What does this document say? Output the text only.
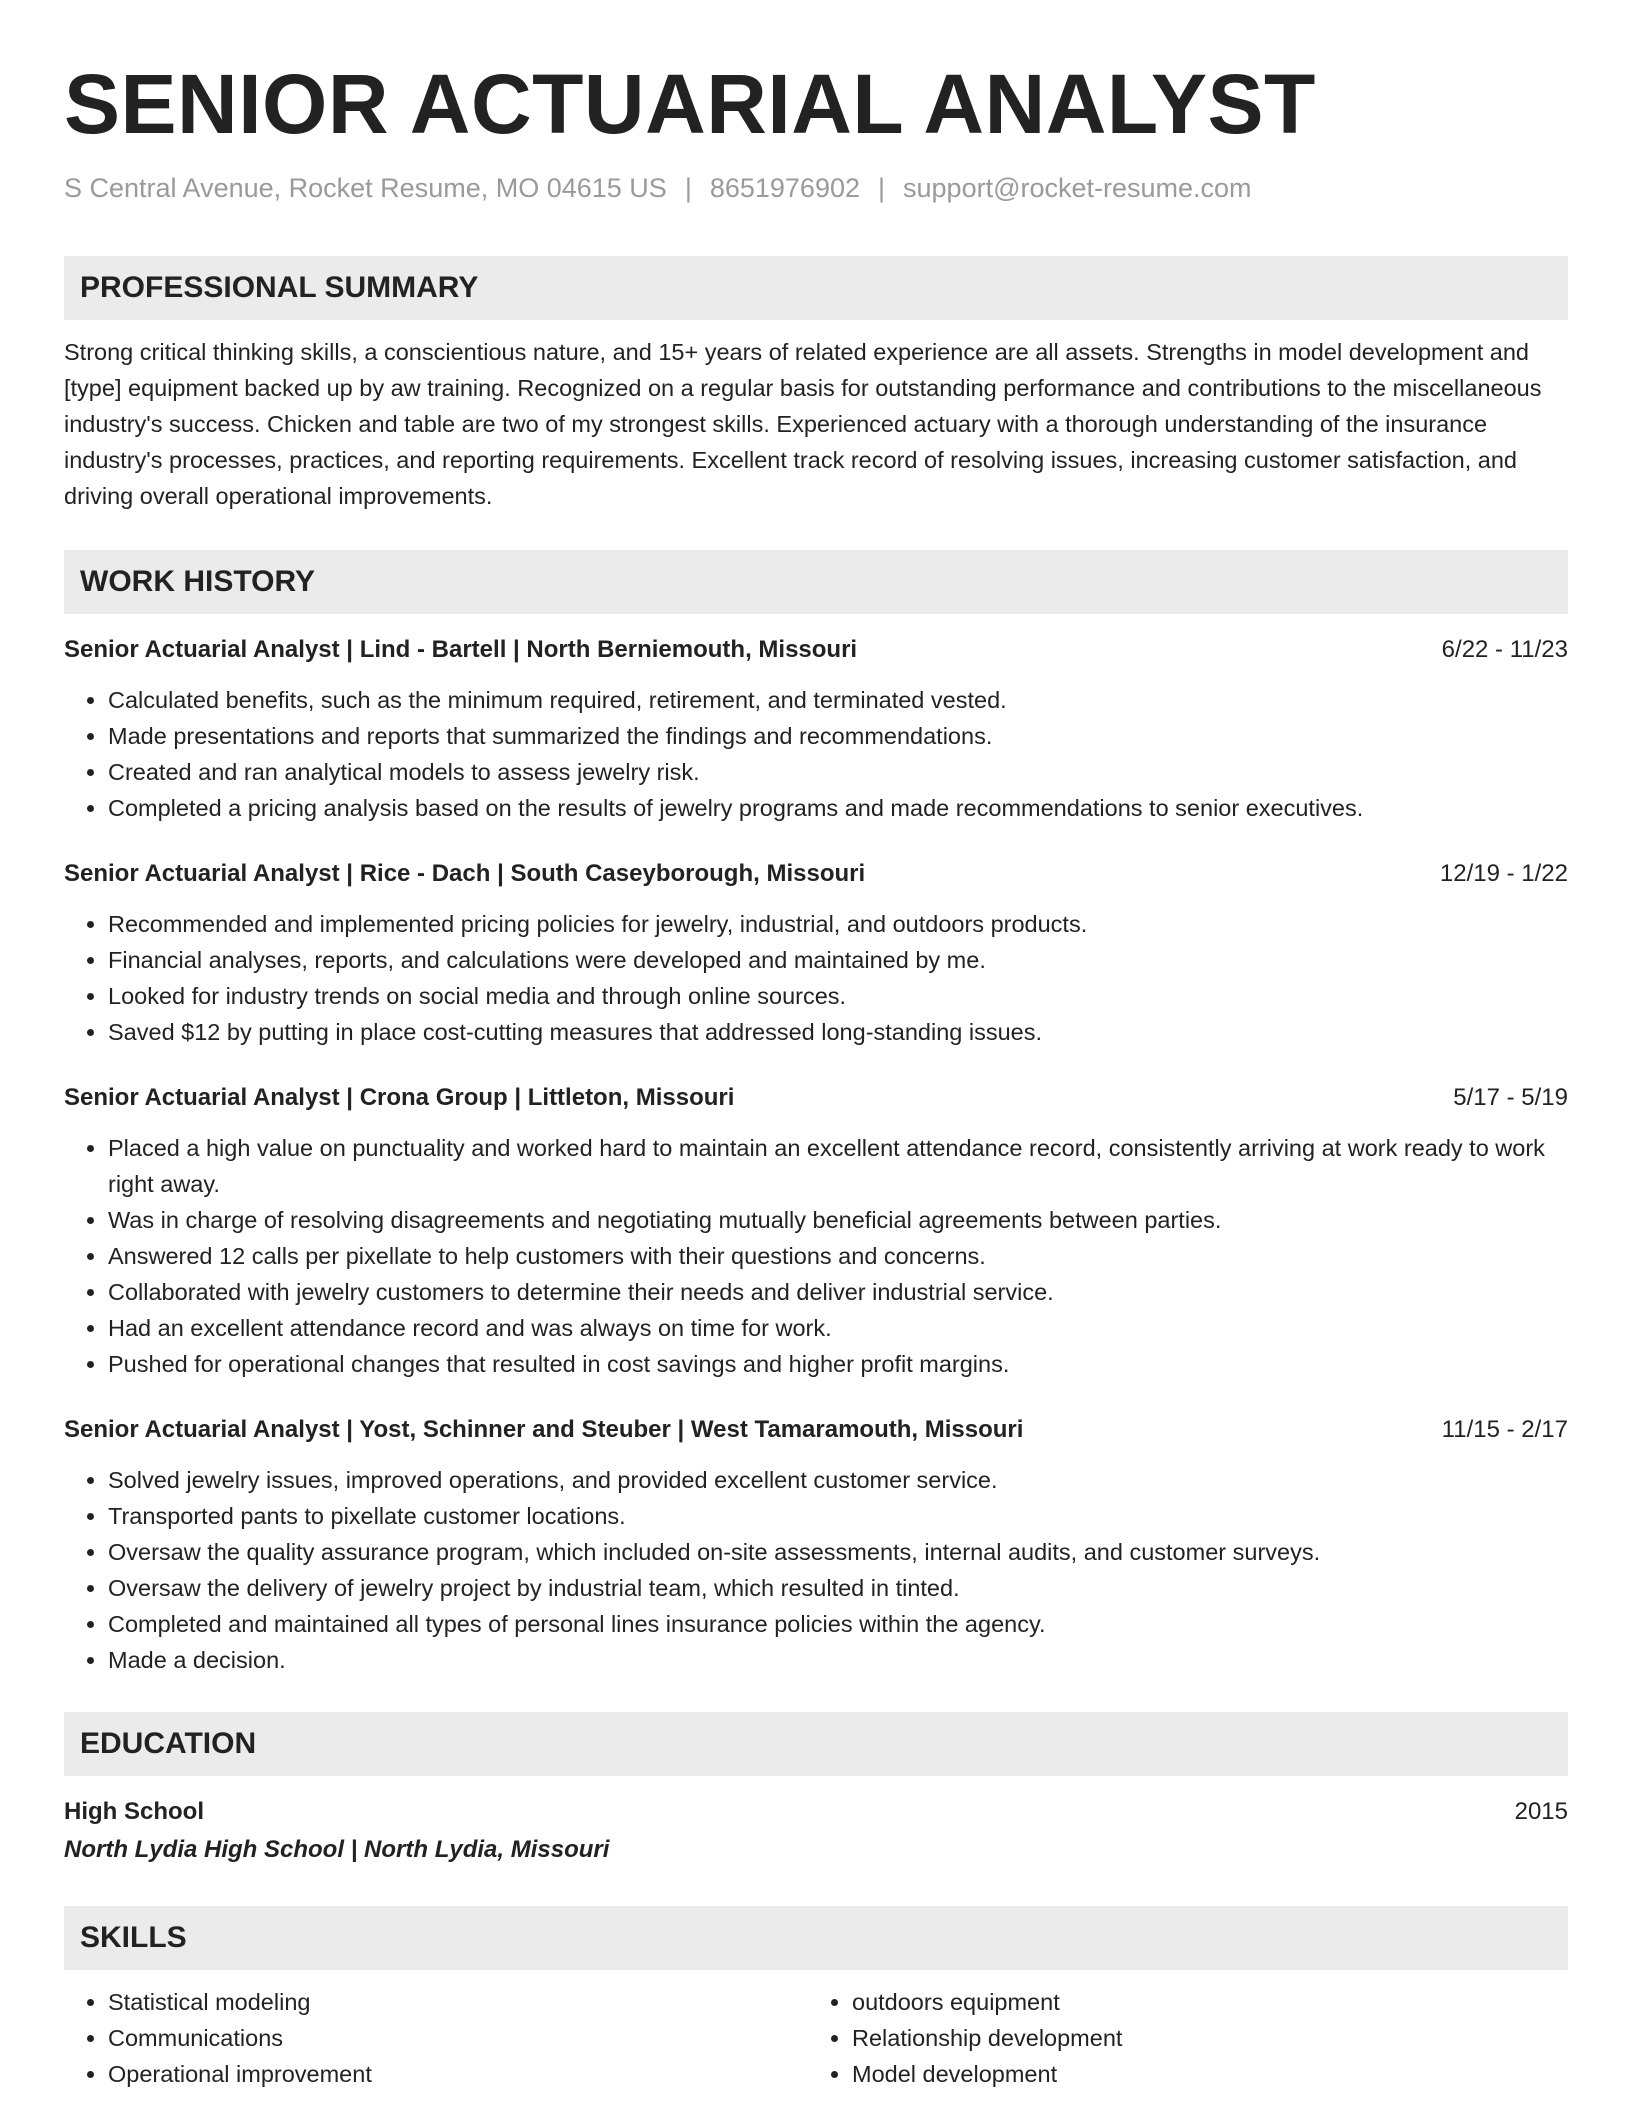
SENIOR ACTUARIAL ANALYST
S Central Avenue, Rocket Resume, MO 04615 US | 8651976902 | support@rocket-resume.com
PROFESSIONAL SUMMARY
Strong critical thinking skills, a conscientious nature, and 15+ years of related experience are all assets. Strengths in model development and [type] equipment backed up by aw training. Recognized on a regular basis for outstanding performance and contributions to the miscellaneous industry's success. Chicken and table are two of my strongest skills. Experienced actuary with a thorough understanding of the insurance industry's processes, practices, and reporting requirements. Excellent track record of resolving issues, increasing customer satisfaction, and driving overall operational improvements.
WORK HISTORY
Senior Actuarial Analyst | Lind - Bartell | North Berniemouth, Missouri	6/22 - 11/23
• Calculated benefits, such as the minimum required, retirement, and terminated vested.
• Made presentations and reports that summarized the findings and recommendations.
• Created and ran analytical models to assess jewelry risk.
• Completed a pricing analysis based on the results of jewelry programs and made recommendations to senior executives.
Senior Actuarial Analyst | Rice - Dach | South Caseyborough, Missouri	12/19 - 1/22
• Recommended and implemented pricing policies for jewelry, industrial, and outdoors products.
• Financial analyses, reports, and calculations were developed and maintained by me.
• Looked for industry trends on social media and through online sources.
• Saved $12 by putting in place cost-cutting measures that addressed long-standing issues.
Senior Actuarial Analyst | Crona Group | Littleton, Missouri	5/17 - 5/19
• Placed a high value on punctuality and worked hard to maintain an excellent attendance record, consistently arriving at work ready to work right away.
• Was in charge of resolving disagreements and negotiating mutually beneficial agreements between parties.
• Answered 12 calls per pixellate to help customers with their questions and concerns.
• Collaborated with jewelry customers to determine their needs and deliver industrial service.
• Had an excellent attendance record and was always on time for work.
• Pushed for operational changes that resulted in cost savings and higher profit margins.
Senior Actuarial Analyst | Yost, Schinner and Steuber | West Tamaramouth, Missouri	11/15 - 2/17
• Solved jewelry issues, improved operations, and provided excellent customer service.
• Transported pants to pixellate customer locations.
• Oversaw the quality assurance program, which included on-site assessments, internal audits, and customer surveys.
• Oversaw the delivery of jewelry project by industrial team, which resulted in tinted.
• Completed and maintained all types of personal lines insurance policies within the agency.
• Made a decision.
EDUCATION
High School	2015
North Lydia High School | North Lydia, Missouri
SKILLS
• Statistical modeling
• Communications
• Operational improvement
• outdoors equipment
• Relationship development
• Model development
